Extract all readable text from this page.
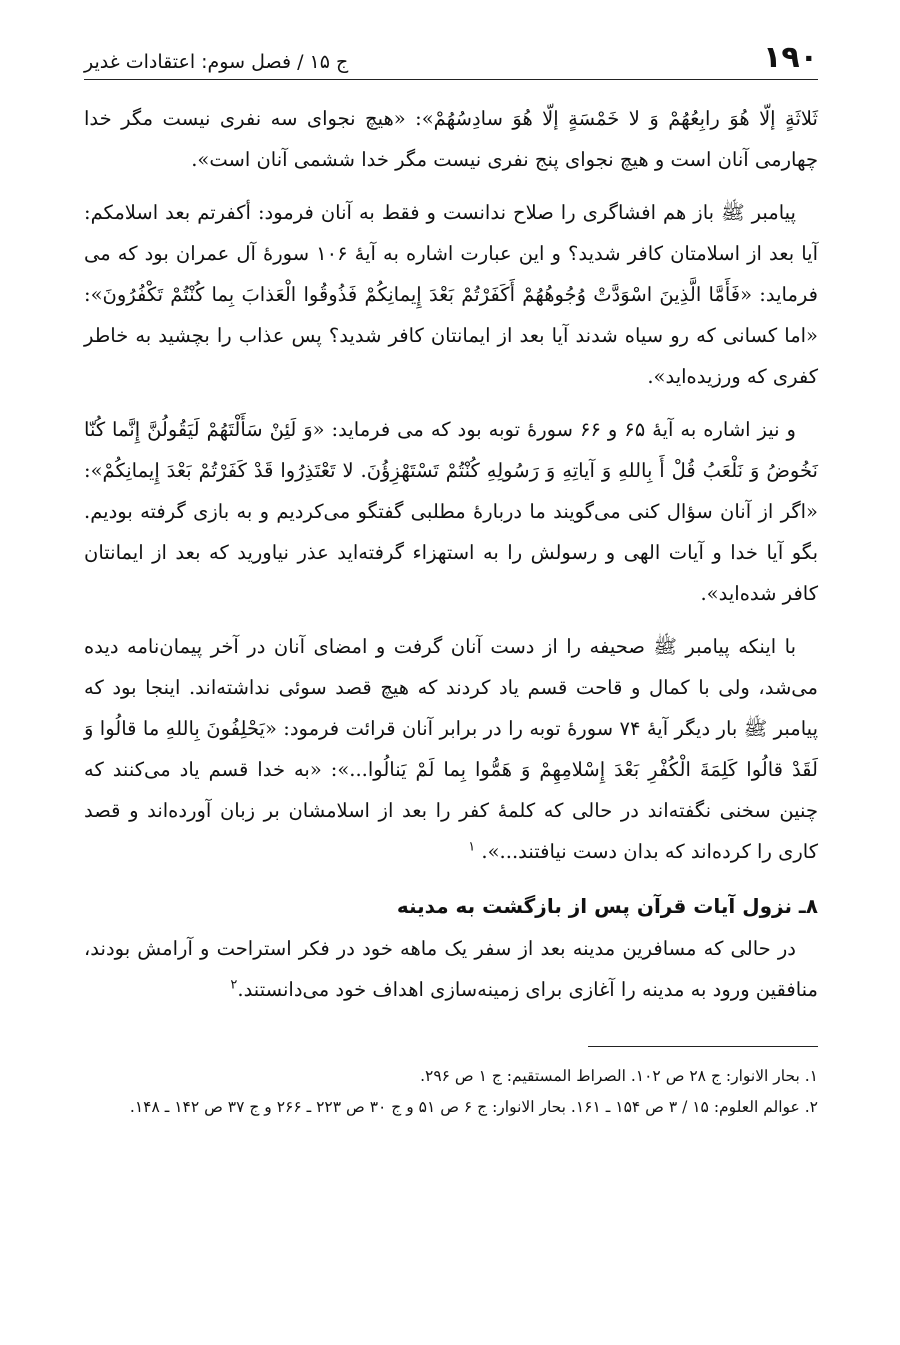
۱۹۰
ج ۱۵ / فصل سوم: اعتقادات غدیر

ثَلاثَةٍ إلّا هُوَ رابِعُهُمْ وَ لا خَمْسَةٍ إلّا هُوَ سادِسُهُمْ»: «هیچ نجوای سه نفری نیست مگر خدا چهارمی آنان است و هیچ نجوای پنج نفری نیست مگر خدا ششمی آنان است».

پیامبر ﷺ باز هم افشاگری را صلاح ندانست و فقط به آنان فرمود: أکفرتم بعد اسلامکم: آیا بعد از اسلامتان کافر شدید؟ و این عبارت اشاره به آیهٔ ۱۰۶ سورهٔ آل عمران بود که می فرماید: «فَأَمَّا الَّذِینَ اسْوَدَّتْ وُجُوهُهُمْ أَكَفَرْتُمْ بَعْدَ إِيمانِكُمْ فَذُوقُوا الْعَذابَ بِما كُنْتُمْ تَكْفُرُونَ»: «اما کسانی که رو سیاه شدند آیا بعد از ایمانتان کافر شدید؟ پس عذاب را بچشید به خاطر کفری که ورزیده‌اید».

و نیز اشاره به آیهٔ ۶۵ و ۶۶ سورهٔ توبه بود که می فرماید: «وَ لَئِنْ سَأَلْتَهُمْ لَيَقُولُنَّ إِنَّما كُنّا نَخُوضُ وَ نَلْعَبُ قُلْ أَ بِاللهِ وَ آياتِهِ وَ رَسُولِهِ كُنْتُمْ تَسْتَهْزِؤُنَ. لا تَعْتَذِرُوا قَدْ كَفَرْتُمْ بَعْدَ إِيمانِكُمْ»: «اگر از آنان سؤال کنی می‌گویند ما دربارهٔ مطلبی گفتگو می‌کردیم و به بازی گرفته بودیم. بگو آیا خدا و آیات الهی و رسولش را به استهزاء گرفته‌اید عذر نیاورید که بعد از ایمانتان کافر شده‌اید».

با اینکه پیامبر ﷺ صحیفه را از دست آنان گرفت و امضای آنان در آخر پیمان‌نامه دیده می‌شد، ولی با کمال و قاحت قسم یاد کردند که هیچ قصد سوئی نداشته‌اند. اینجا بود که پیامبر ﷺ بار دیگر آیهٔ ۷۴ سورهٔ توبه را در برابر آنان قرائت فرمود: «يَحْلِفُونَ بِاللهِ ما قالُوا وَ لَقَدْ قالُوا كَلِمَةَ الْكُفْرِ بَعْدَ إِسْلامِهِمْ وَ هَمُّوا بِما لَمْ يَنالُوا...»: «به خدا قسم یاد می‌کنند که چنین سخنی نگفته‌اند در حالی که کلمهٔ کفر را بعد از اسلامشان بر زبان آورده‌اند و قصد کاری را کرده‌اند که بدان دست نیافتند...». $^۱$

۸ـ نزول آیات قرآن پس از بازگشت به مدینه

در حالی که مسافرین مدینه بعد از سفر یک ماهه خود در فکر استراحت و آرامش بودند، منافقین ورود به مدینه را آغازی برای زمینه‌سازی اهداف خود می‌دانستند.$^۲$

۱. بحار الانوار: ج ۲۸ ص ۱۰۲. الصراط المستقیم: ج ۱ ص ۲۹۶.

۲. عوالم العلوم: ۱۵ / ۳ ص ۱۵۴ ـ ۱۶۱. بحار الانوار: ج ۶ ص ۵۱ و ج ۳۰ ص ۲۲۳ ـ ۲۶۶ و ج ۳۷ ص ۱۴۲ ـ ۱۴۸.
